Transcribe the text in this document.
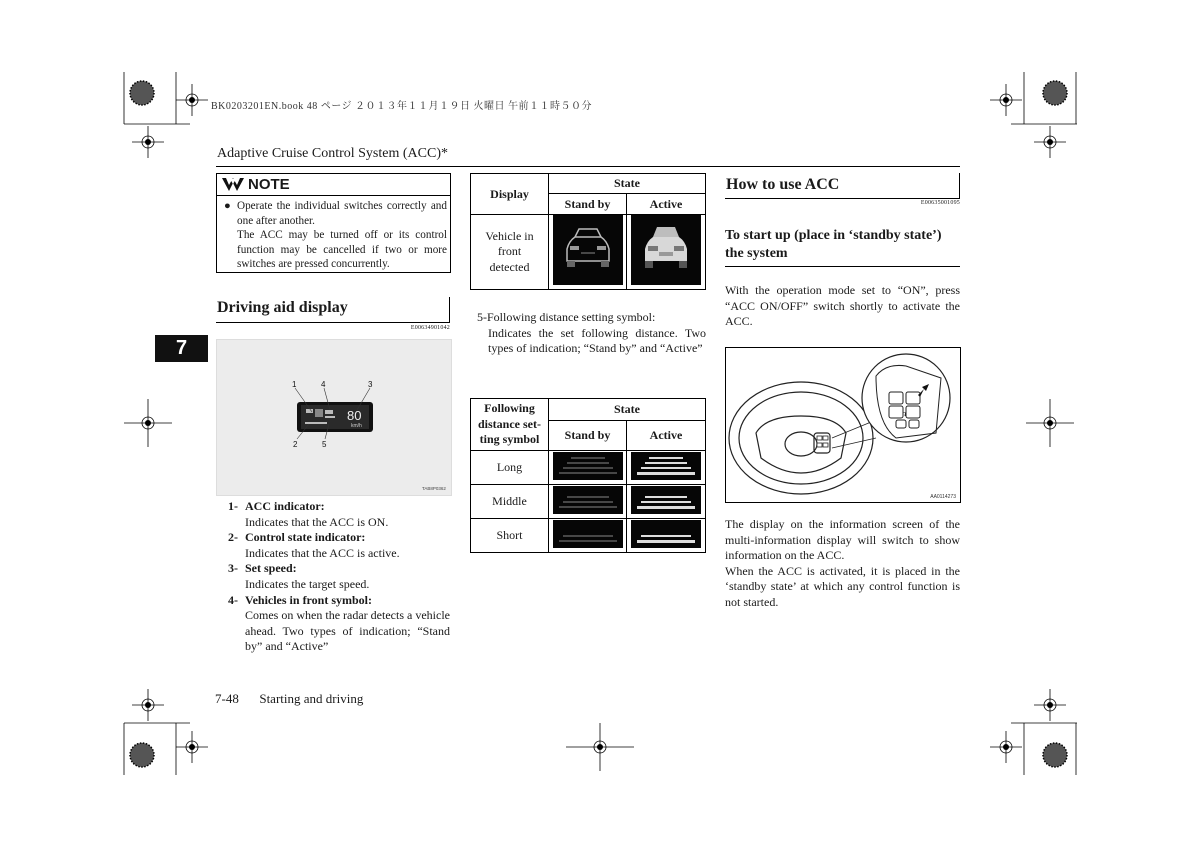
BK0203201EN.book 48 ページ ２０１３年１１月１９日 火曜日 午前１１時５０分
Adaptive Cruise Control System (ACC)*
7
NOTE
● Operate the individual switches correctly and one after another.
The ACC may be turned off or its control function may be cancelled if two or more switches are pressed concurrently.
Driving aid display
E00634901042
1	4	3
2	5
80
km/h
TAB8P0362
1- ACC indicator:
Indicates that the ACC is ON.
2- Control state indicator:
Indicates that the ACC is active.
3- Set speed:
Indicates the target speed.
4- Vehicles in front symbol:
Comes on when the radar detects a vehicle ahead. Two types of indication; “Stand by” and “Active”
Display	State	
	Stand by	Active
Vehicle in front detected		
5-Following distance setting symbol:
Indicates the set following distance. Two types of indication; “Stand by” and “Active”
Following distance set-ting symbol	State	
	Stand by	Active
Long		
Middle		
Short		
How to use ACC
E00635001095
To start up (place in ‘standby state’) the system
With the operation mode set to “ON”, press “ACC ON/OFF” switch shortly to activate the ACC.
↴
AA0114273
The display on the information screen of the multi-information display will switch to show information on the ACC.
When the ACC is activated, it is placed in the ‘standby state’ at which any control function is not started.
7-48 Starting and driving
